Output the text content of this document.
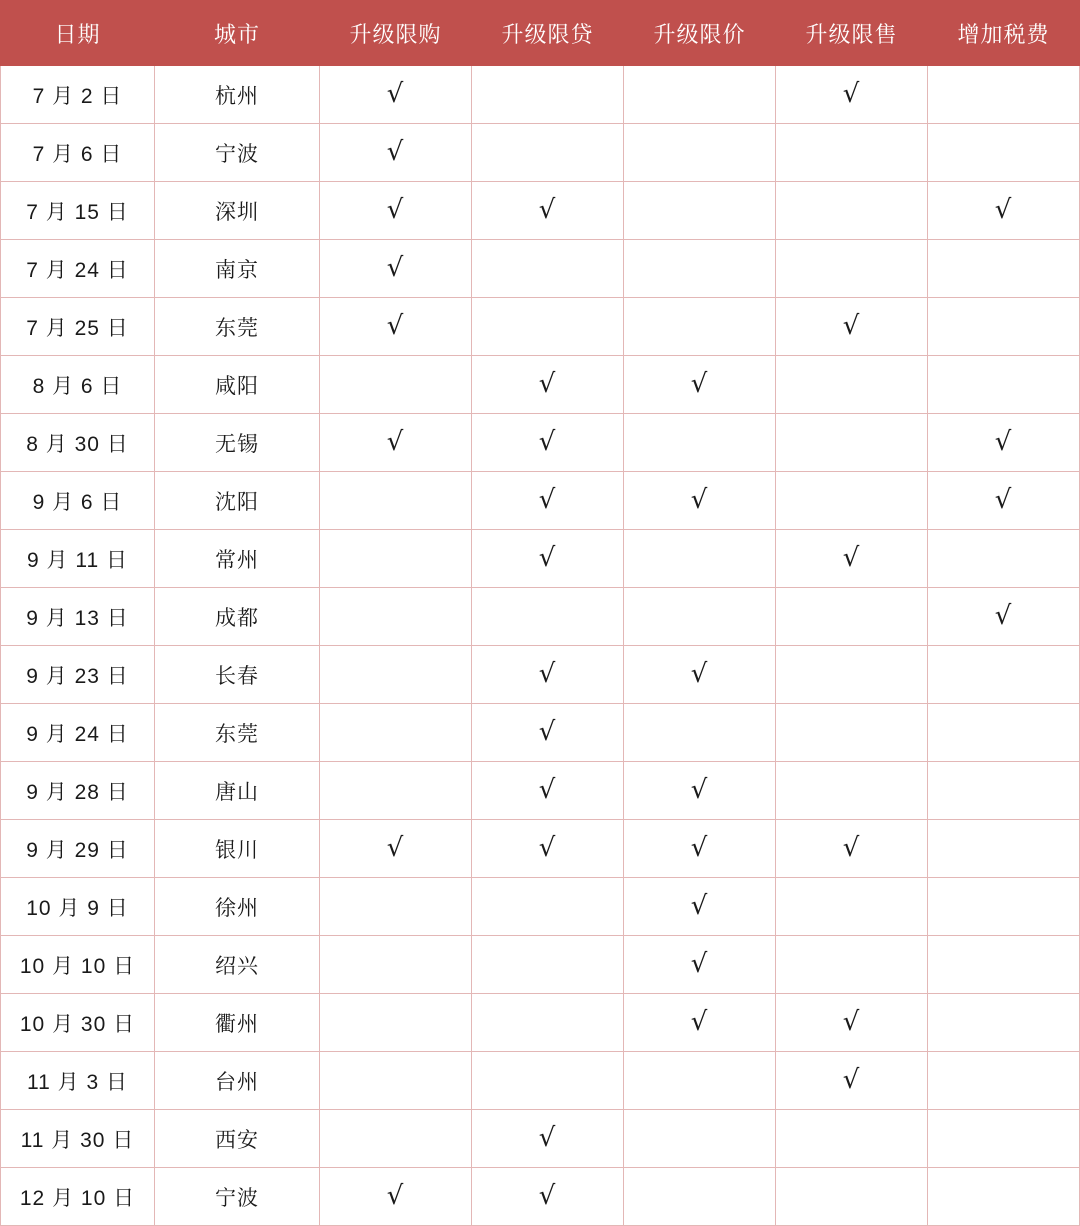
日期	城市	升级限购	升级限贷	升级限价	升级限售	增加税费
7 月 2 日	杭州	√			√	
7 月 6 日	宁波	√				
7 月 15 日	深圳	√	√			√
7 月 24 日	南京	√				
7 月 25 日	东莞	√			√	
8 月 6 日	咸阳		√	√		
8 月 30 日	无锡	√	√			√
9 月 6 日	沈阳		√	√		√
9 月 11 日	常州		√		√	
9 月 13 日	成都					√
9 月 23 日	长春		√	√		
9 月 24 日	东莞		√			
9 月 28 日	唐山		√	√		
9 月 29 日	银川	√	√	√	√	
10 月 9 日	徐州			√		
10 月 10 日	绍兴			√		
10 月 30 日	衢州			√	√	
11 月 3 日	台州				√	
11 月 30 日	西安		√			
12 月 10 日	宁波	√	√			
